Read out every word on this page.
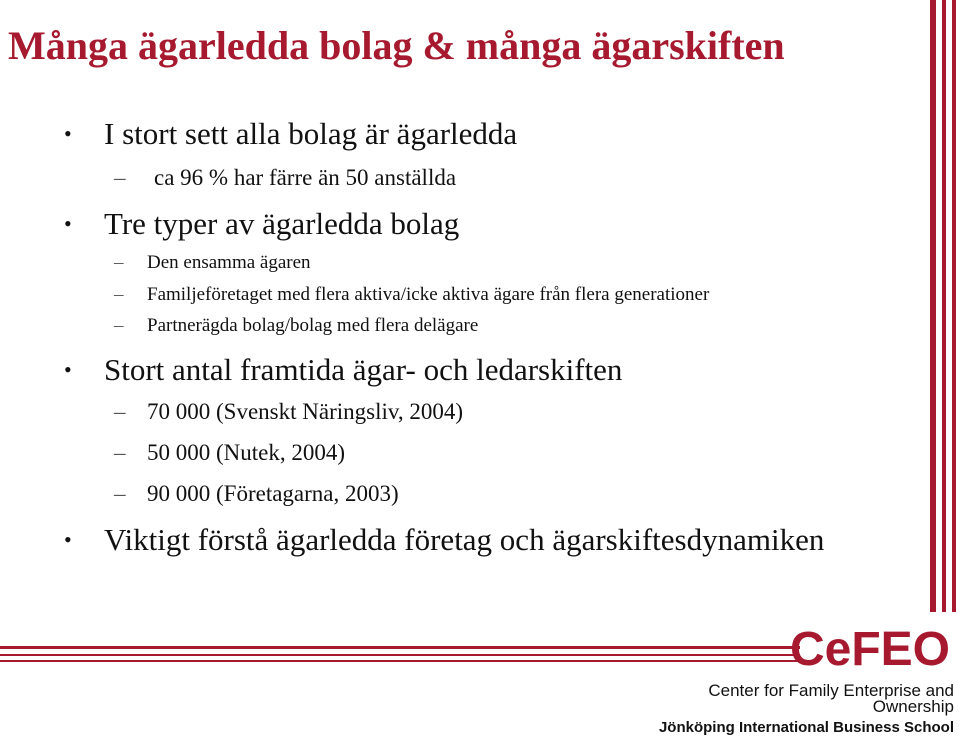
Många ägarledda bolag & många ägarskiften
• I stort sett alla bolag är ägarledda
– ca 96 % har färre än 50 anställda
• Tre typer av ägarledda bolag
– Den ensamma ägaren
– Familjeföretaget med flera aktiva/icke aktiva ägare från flera generationer
– Partnerägda bolag/bolag med flera delägare
• Stort antal framtida ägar- och ledarskiften
– 70 000 (Svenskt Näringsliv, 2004)
– 50 000 (Nutek, 2004)
– 90 000 (Företagarna, 2003)
• Viktigt förstå ägarledda företag och ägarskiftesdynamiken
CeFEO
Center for Family Enterprise and Ownership
Jönköping International Business School
